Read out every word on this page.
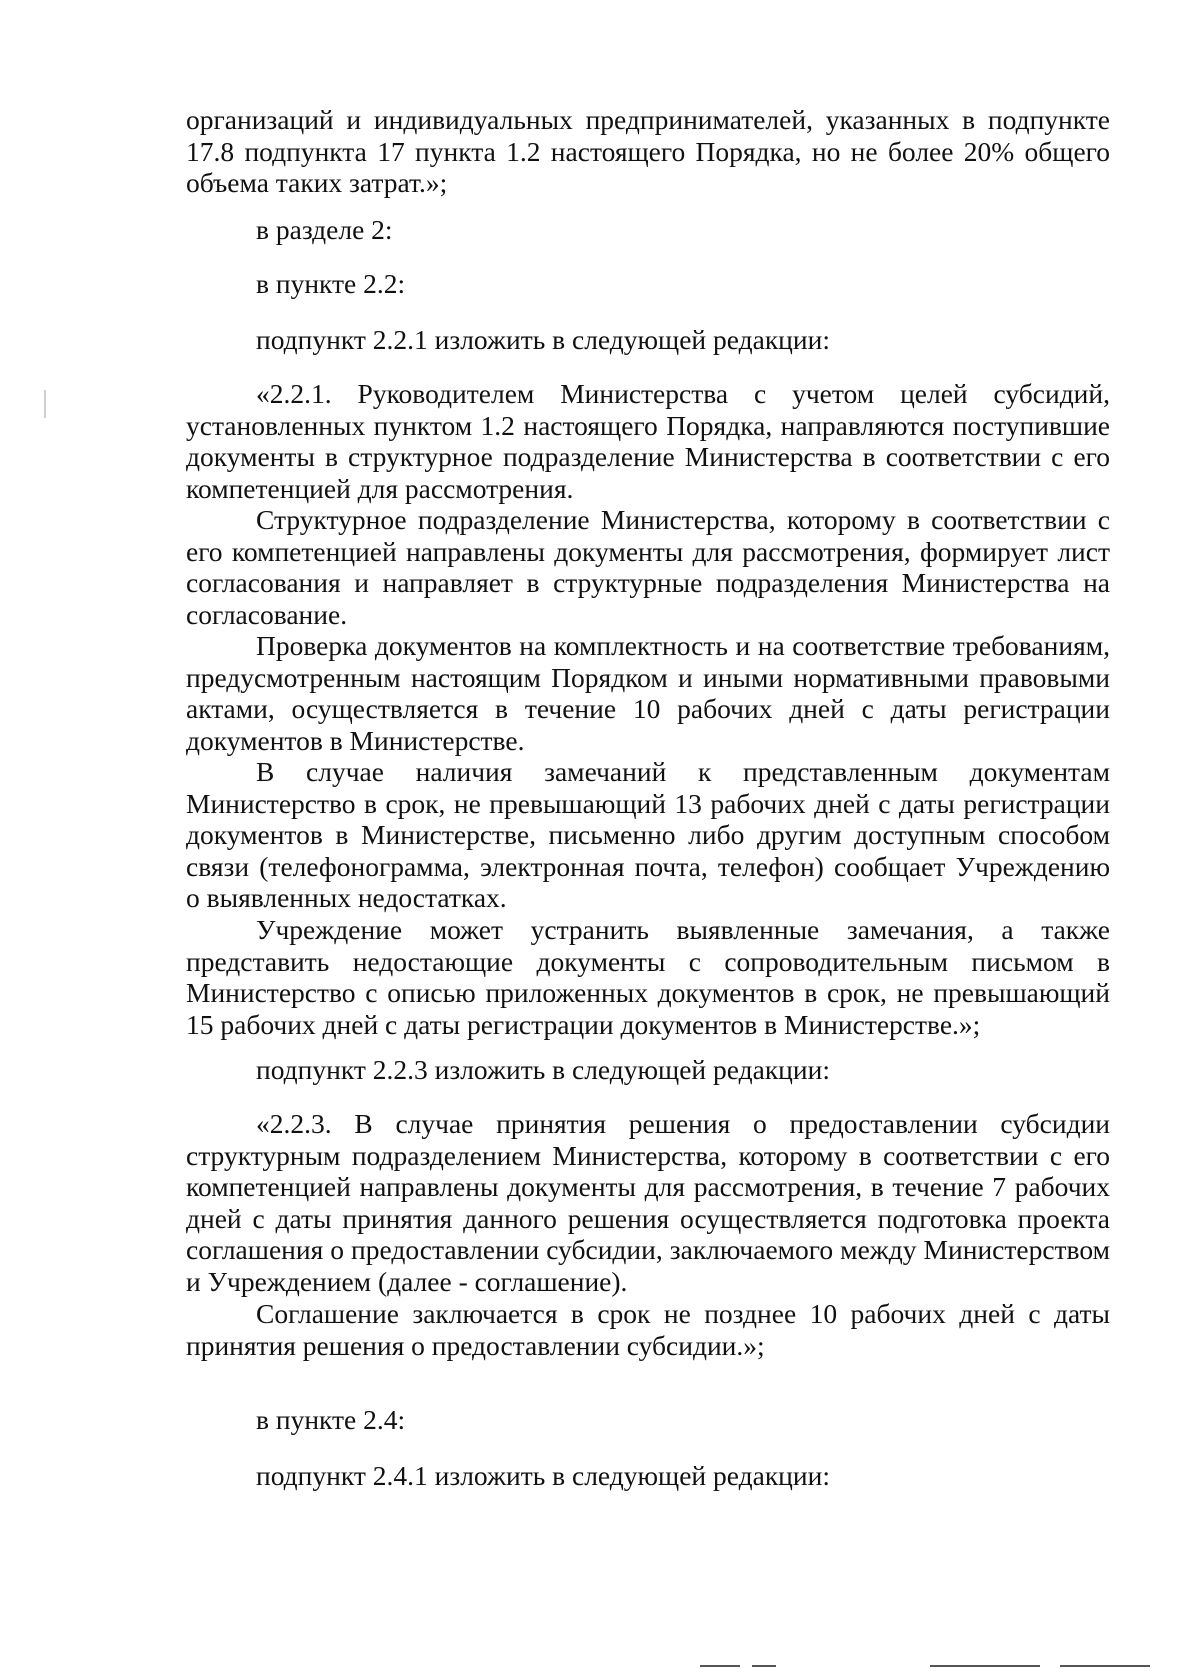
организаций и индивидуальных предпринимателей, указанных в подпункте 17.8 подпункта 17 пункта 1.2 настоящего Порядка, но не более 20% общего объема таких затрат.»;

в разделе 2:

в пункте 2.2:

подпункт 2.2.1 изложить в следующей редакции:

«2.2.1. Руководителем Министерства с учетом целей субсидий, установленных пунктом 1.2 настоящего Порядка, направляются поступившие документы в структурное подразделение Министерства в соответствии с его компетенцией для рассмотрения.

Структурное подразделение Министерства, которому в соответствии с его компетенцией направлены документы для рассмотрения, формирует лист согласования и направляет в структурные подразделения Министерства на согласование.

Проверка документов на комплектность и на соответствие требованиям, предусмотренным настоящим Порядком и иными нормативными правовыми актами, осуществляется в течение 10 рабочих дней с даты регистрации документов в Министерстве.

В случае наличия замечаний к представленным документам Министерство в срок, не превышающий 13 рабочих дней с даты регистрации документов в Министерстве, письменно либо другим доступным способом связи (телефонограмма, электронная почта, телефон) сообщает Учреждению о выявленных недостатках.

Учреждение может устранить выявленные замечания, а также представить недостающие документы с сопроводительным письмом в Министерство с описью приложенных документов в срок, не превышающий 15 рабочих дней с даты регистрации документов в Министерстве.»;

подпункт 2.2.3 изложить в следующей редакции:

«2.2.3. В случае принятия решения о предоставлении субсидии структурным подразделением Министерства, которому в соответствии с его компетенцией направлены документы для рассмотрения, в течение 7 рабочих дней с даты принятия данного решения осуществляется подготовка проекта соглашения о предоставлении субсидии, заключаемого между Министерством и Учреждением (далее - соглашение).

Соглашение заключается в срок не позднее 10 рабочих дней с даты принятия решения о предоставлении субсидии.»;

в пункте 2.4:

подпункт 2.4.1 изложить в следующей редакции:
